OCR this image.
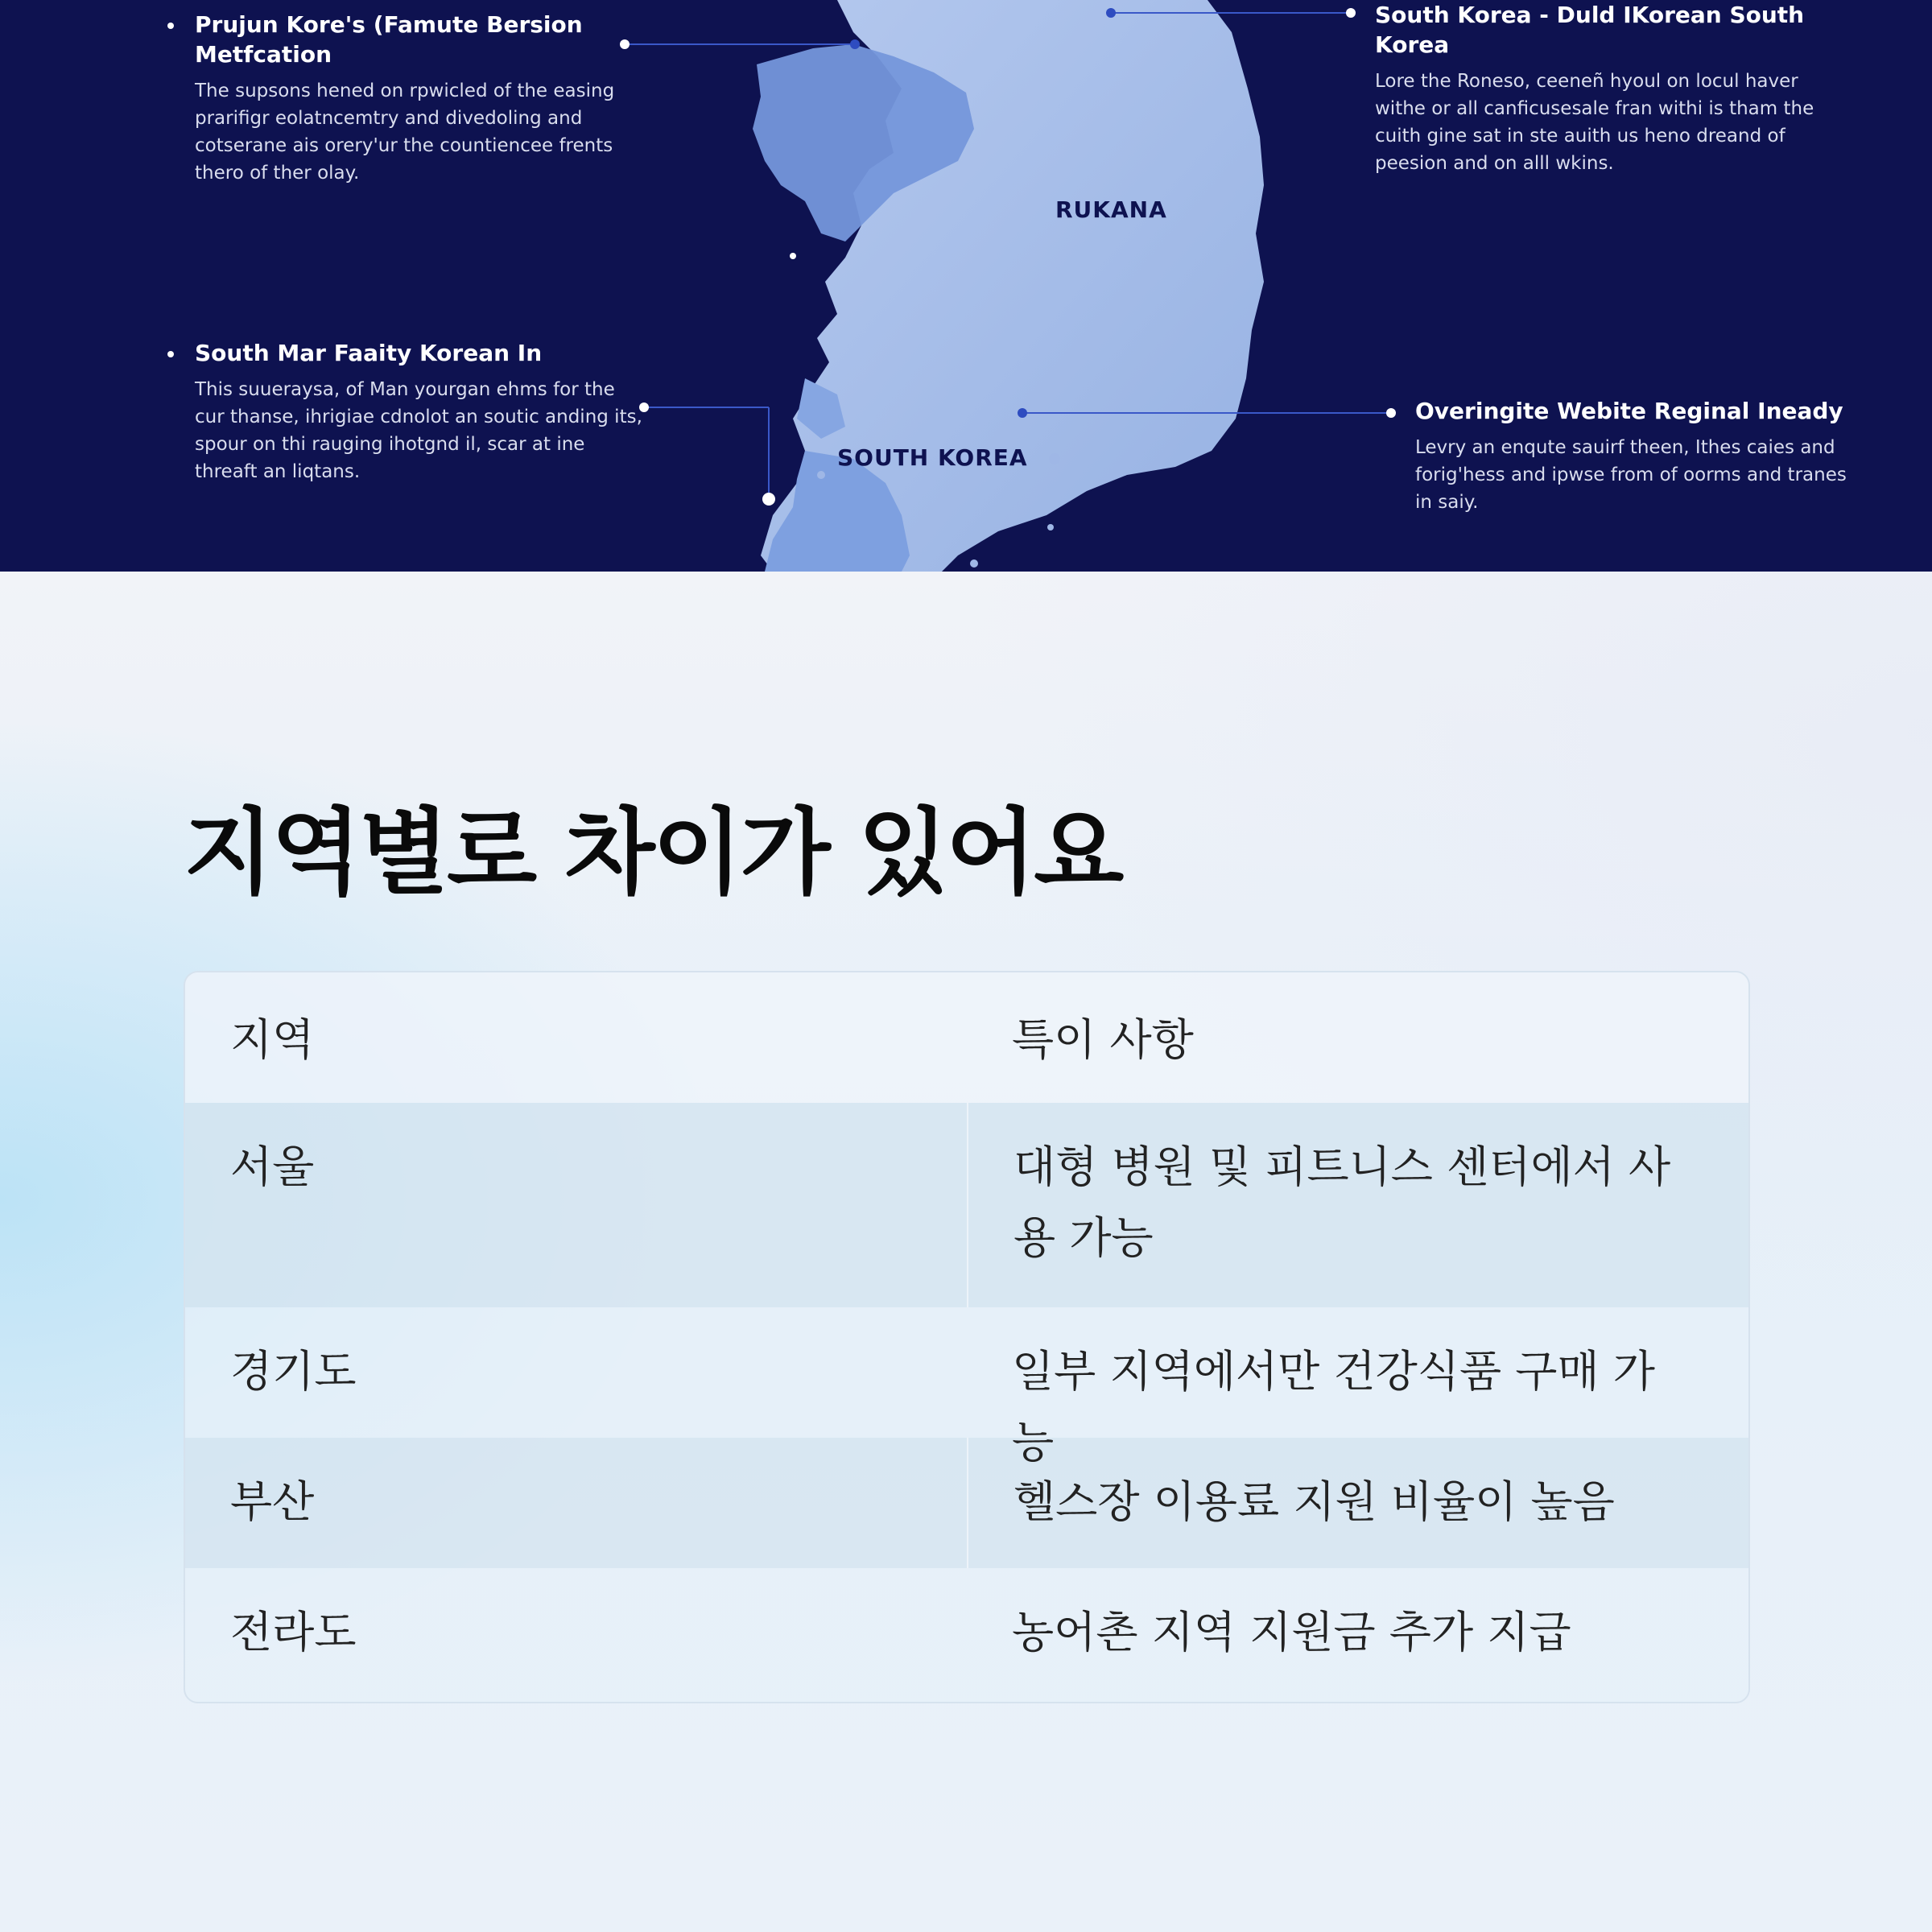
RUKANA
SOUTH KOREA
Prujun Kore's (Famute Bersion Metfcation
The supsons hened on rpwicled of the easing prarifigr eolatncemtry and divedoling and cotserane ais orery'ur the countiencee frents thero of ther olay.
South Korea - Duld IKorean South Korea
Lore the Roneso, ceeneñ hyoul on locul haver withe or all canficusesale fran withi is tham the cuith gine sat in ste auith us heno dreand of peesion and on alll wkins.
South Mar Faaity Korean In
This suueraysa, of Man yourgan ehms for the cur thanse, ihrigiae cdnolot an soutic anding its, spour on thi rauging ihotgnd il, scar at ine threaft an liqtans.
Overingite Webite Reginal Ineady
Levry an enqute sauirf theen, Ithes caies and forig'hess and ipwse from of oorms and tranes in saiy.
지역별로 차이가 있어요
지역	특이 사항
서울	대형 병원 및 피트니스 센터에서 사용 가능
경기도	일부 지역에서만 건강식품 구매 가능
부산	헬스장 이용료 지원 비율이 높음
전라도	농어촌 지역 지원금 추가 지급
